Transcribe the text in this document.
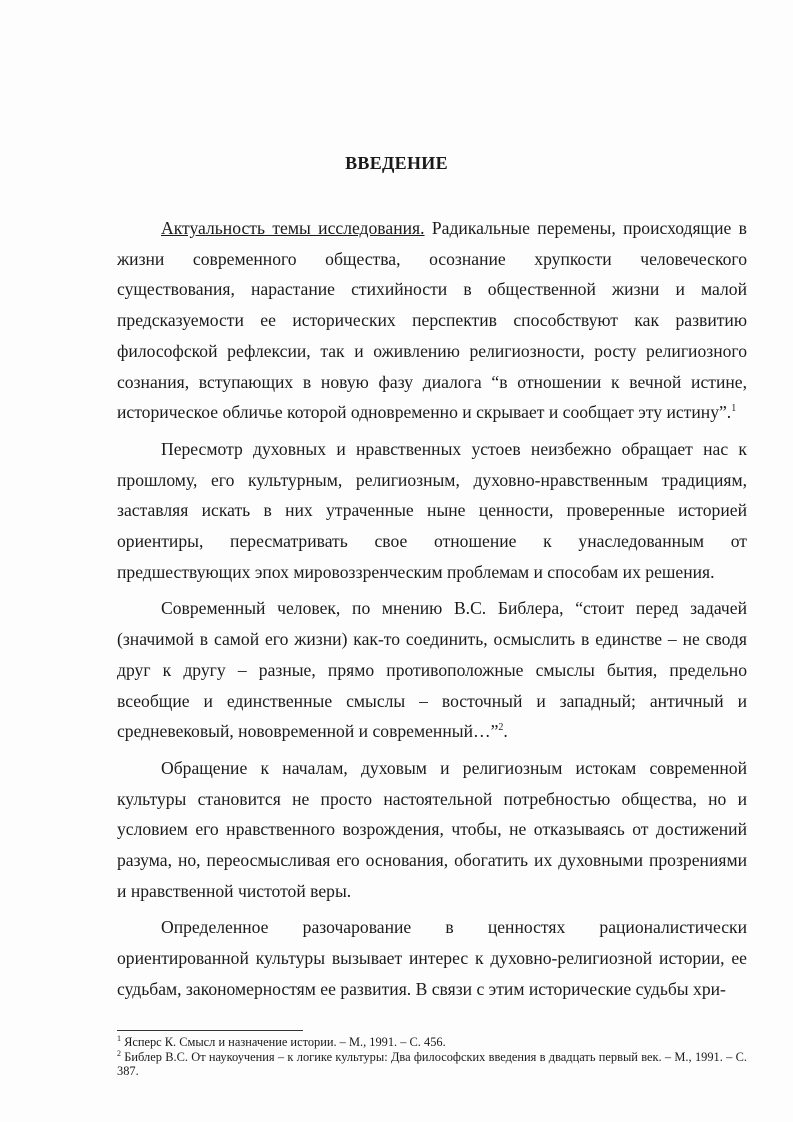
ВВЕДЕНИЕ

Актуальность темы исследования. Радикальные перемены, происходящие в жизни современного общества, осознание хрупкости человеческого существования, нарастание стихийности в общественной жизни и малой предсказуемости ее исторических перспектив способствуют как развитию философской рефлексии, так и оживлению религиозности, росту религиозного сознания, вступающих в новую фазу диалога “в отношении к вечной истине, историческое обличье которой одновременно и скрывает и сообщает эту истину”.$^1$

Пересмотр духовных и нравственных устоев неизбежно обращает нас к прошлому, его культурным, религиозным, духовно-нравственным традициям, заставляя искать в них утраченные ныне ценности, проверенные историей ориентиры, пересматривать свое отношение к унаследованным от предшествующих эпох мировоззренческим проблемам и способам их решения.

Современный человек, по мнению В.С. Библера, “стоит перед задачей (значимой в самой его жизни) как-то соединить, осмыслить в единстве – не сводя друг к другу – разные, прямо противоположные смыслы бытия, предельно всеобщие и единственные смыслы – восточный и западный; античный и средневековый, нововременной и современный…”$^2$.

Обращение к началам, духовым и религиозным истокам современной культуры становится не просто настоятельной потребностью общества, но и условием его нравственного возрождения, чтобы, не отказываясь от достижений разума, но, переосмысливая его основания, обогатить их духовными прозрениями и нравственной чистотой веры.

Определенное разочарование в ценностях рационалистически ориентированной культуры вызывает интерес к духовно-религиозной истории, ее судьбам, закономерностям ее развития. В связи с этим исторические судьбы хри-

$^1$ Ясперс К. Смысл и назначение истории. – М., 1991. – С. 456.

$^2$ Библер В.С. От наукоучения – к логике культуры: Два философских введения в двадцать первый век. – М., 1991. – С. 387.
